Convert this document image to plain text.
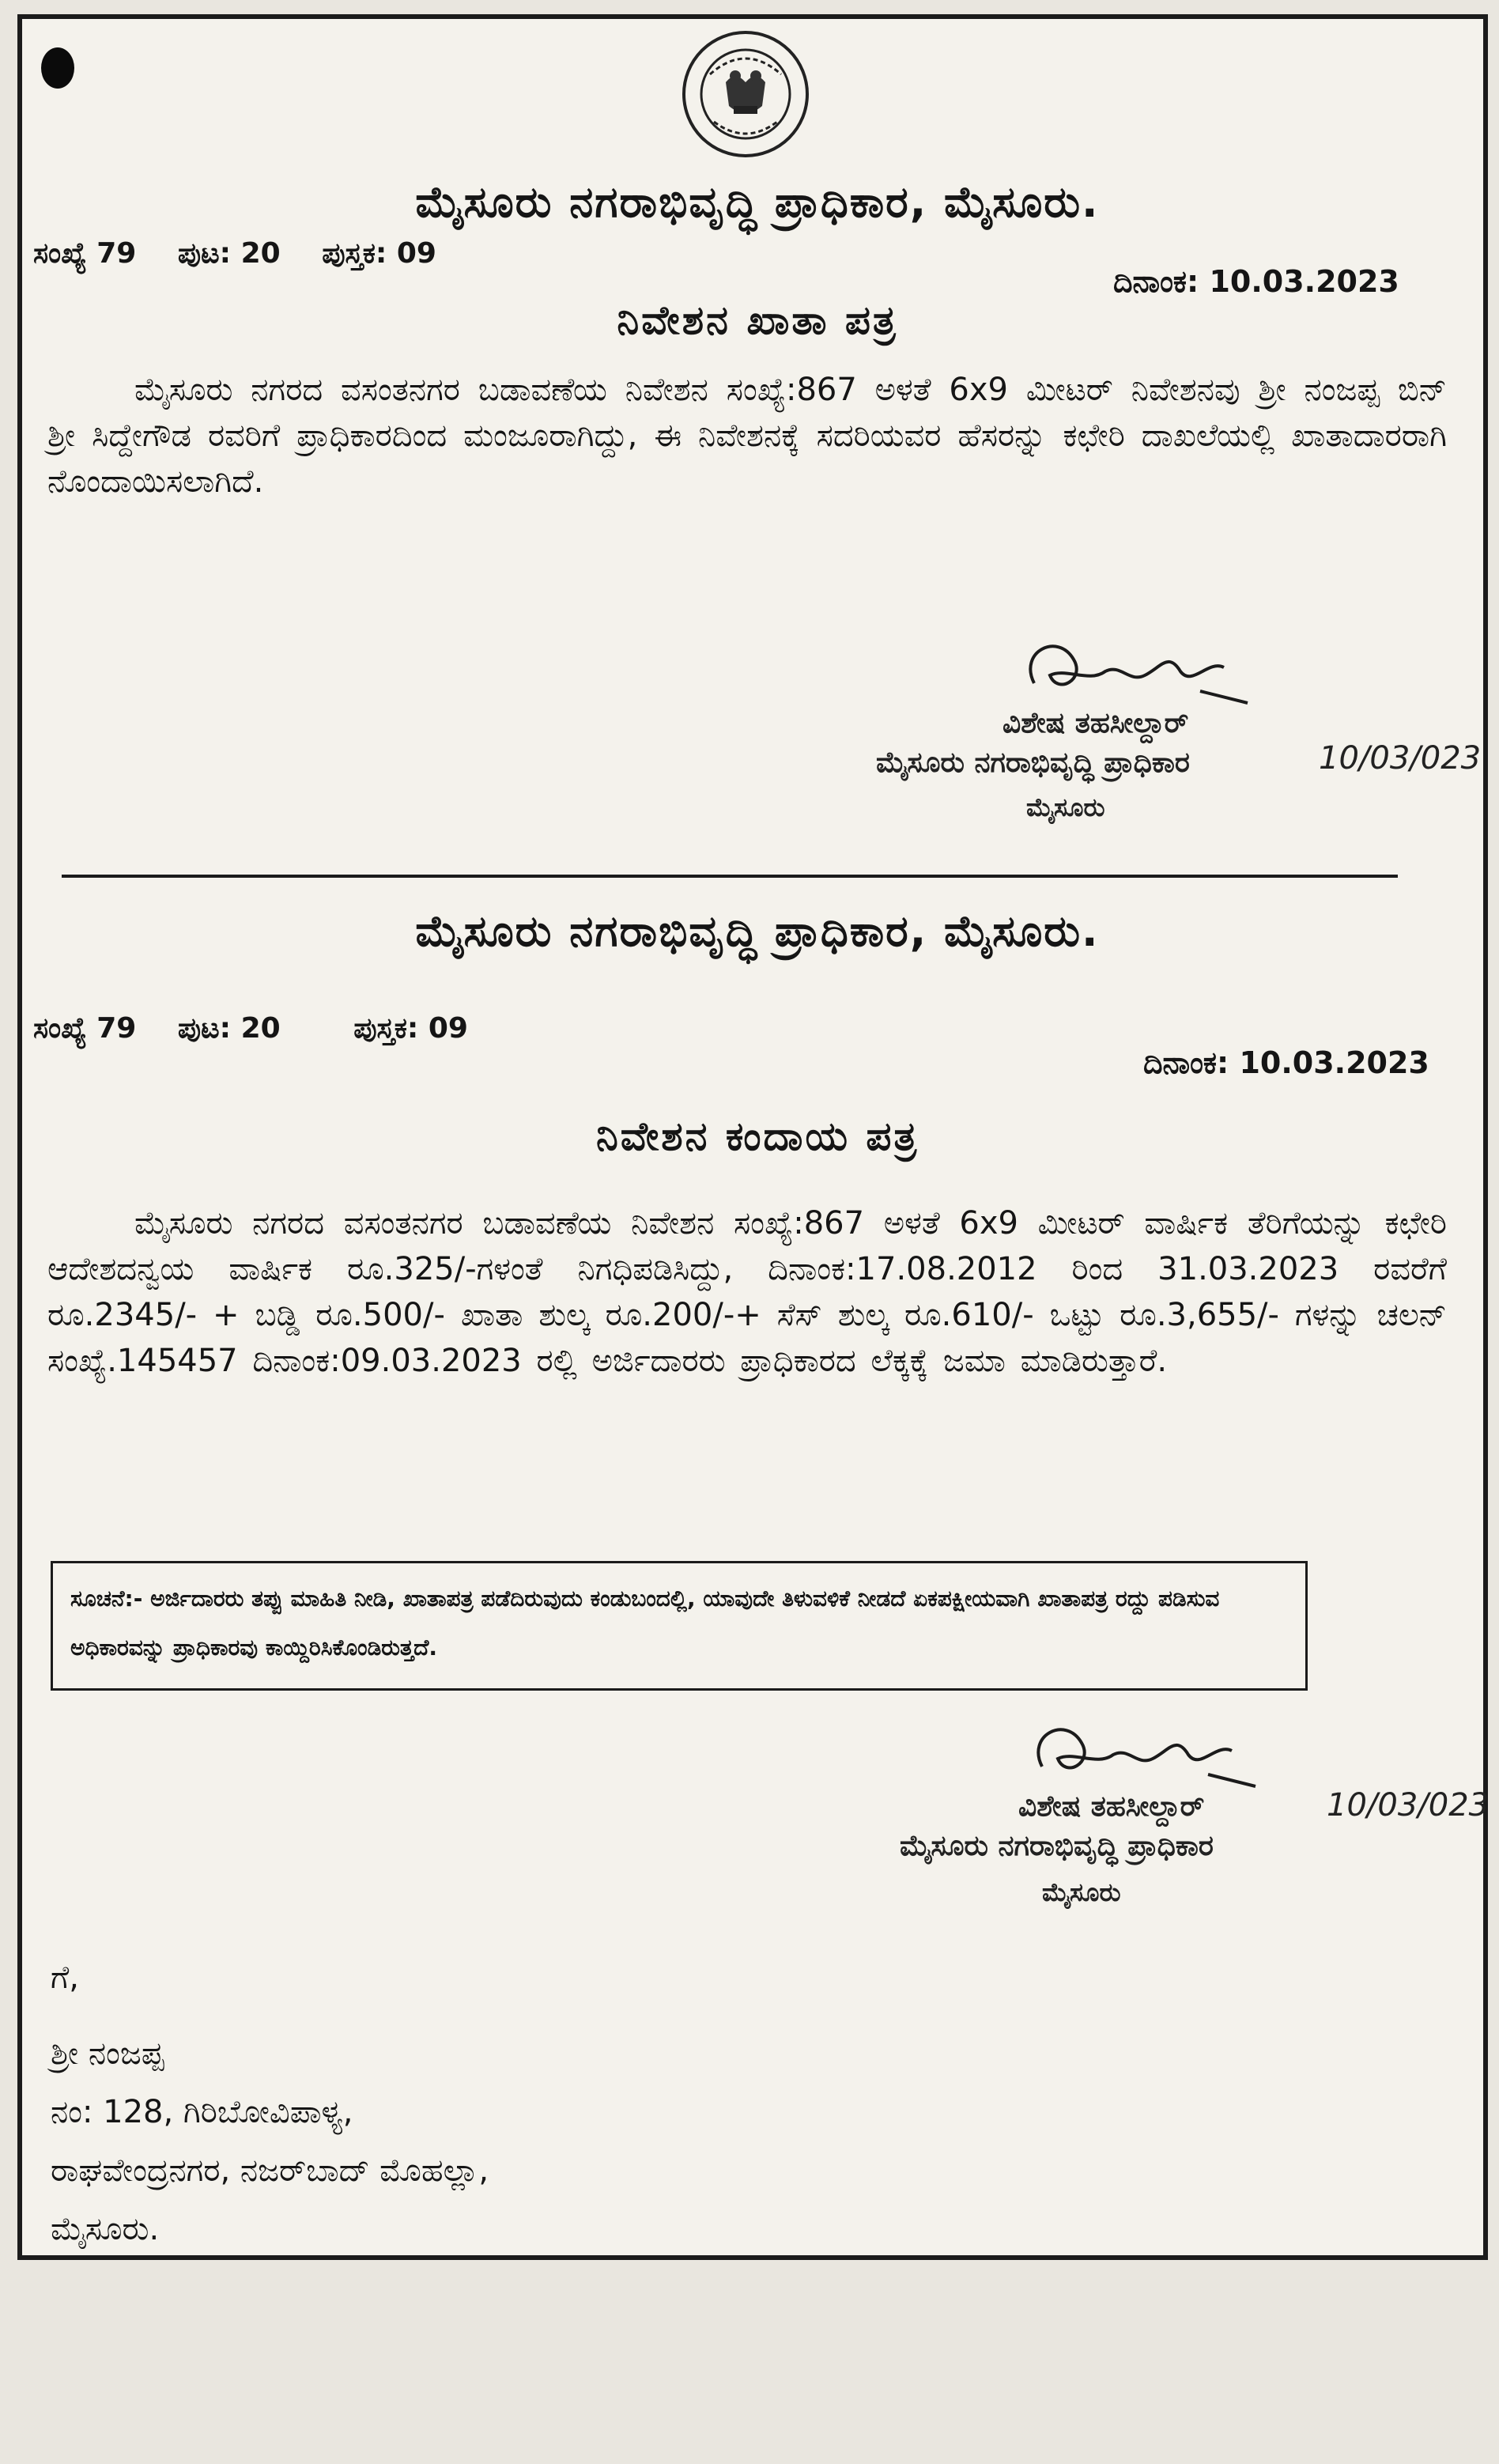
ಮೈಸೂರು ನಗರಾಭಿವೃದ್ಧಿ ಪ್ರಾಧಿಕಾರ, ಮೈಸೂರು.
ಸಂಖ್ಯೆ 79 ಪುಟ: 20 ಪುಸ್ತಕ: 09
ದಿನಾಂಕ: 10.03.2023
ನಿವೇಶನ ಖಾತಾ ಪತ್ರ
ಮೈಸೂರು ನಗರದ ವಸಂತನಗರ ಬಡಾವಣೆಯ ನಿವೇಶನ ಸಂಖ್ಯೆ:867 ಅಳತೆ 6x9 ಮೀಟರ್ ನಿವೇಶನವು ಶ್ರೀ ನಂಜಪ್ಪ ಬಿನ್ ಶ್ರೀ ಸಿದ್ದೇಗೌಡ ರವರಿಗೆ ಪ್ರಾಧಿಕಾರದಿಂದ ಮಂಜೂರಾಗಿದ್ದು, ಈ ನಿವೇಶನಕ್ಕೆ ಸದರಿಯವರ ಹೆಸರನ್ನು ಕಛೇರಿ ದಾಖಲೆಯಲ್ಲಿ ಖಾತಾದಾರರಾಗಿ ನೊಂದಾಯಿಸಲಾಗಿದೆ.
ವಿಶೇಷ ತಹಸೀಲ್ದಾರ್
ಮೈಸೂರು ನಗರಾಭಿವೃದ್ಧಿ ಪ್ರಾಧಿಕಾರ	10/03/023
ಮೈಸೂರು
ಮೈಸೂರು ನಗರಾಭಿವೃದ್ಧಿ ಪ್ರಾಧಿಕಾರ, ಮೈಸೂರು.
ಸಂಖ್ಯೆ 79 ಪುಟ: 20	ಪುಸ್ತಕ: 09
ದಿನಾಂಕ: 10.03.2023
ನಿವೇಶನ ಕಂದಾಯ ಪತ್ರ
ಮೈಸೂರು ನಗರದ ವಸಂತನಗರ ಬಡಾವಣೆಯ ನಿವೇಶನ ಸಂಖ್ಯೆ:867 ಅಳತೆ 6x9 ಮೀಟರ್ ವಾರ್ಷಿಕ ತೆರಿಗೆಯನ್ನು ಕಛೇರಿ ಆದೇಶದನ್ವಯ ವಾರ್ಷಿಕ ರೂ.325/-ಗಳಂತೆ ನಿಗಧಿಪಡಿಸಿದ್ದು, ದಿನಾಂಕ:17.08.2012 ರಿಂದ 31.03.2023 ರವರೆಗೆ ರೂ.2345/- + ಬಡ್ಡಿ ರೂ.500/- ಖಾತಾ ಶುಲ್ಕ ರೂ.200/-+ ಸೆಸ್ ಶುಲ್ಕ ರೂ.610/- ಒಟ್ಟು ರೂ.3,655/- ಗಳನ್ನು ಚಲನ್ ಸಂಖ್ಯೆ.145457 ದಿನಾಂಕ:09.03.2023 ರಲ್ಲಿ ಅರ್ಜಿದಾರರು ಪ್ರಾಧಿಕಾರದ ಲೆಕ್ಕಕ್ಕೆ ಜಮಾ ಮಾಡಿರುತ್ತಾರೆ.
ಸೂಚನೆ:- ಅರ್ಜಿದಾರರು ತಪ್ಪು ಮಾಹಿತಿ ನೀಡಿ, ಖಾತಾಪತ್ರ ಪಡೆದಿರುವುದು ಕಂಡುಬಂದಲ್ಲಿ, ಯಾವುದೇ ತಿಳುವಳಿಕೆ ನೀಡದೆ ಏಕಪಕ್ಷೀಯವಾಗಿ ಖಾತಾಪತ್ರ ರದ್ದು ಪಡಿಸುವ ಅಧಿಕಾರವನ್ನು ಪ್ರಾಧಿಕಾರವು ಕಾಯ್ದಿರಿಸಿಕೊಂಡಿರುತ್ತದೆ.
ವಿಶೇಷ ತಹಸೀಲ್ದಾರ್
ಮೈಸೂರು ನಗರಾಭಿವೃದ್ಧಿ ಪ್ರಾಧಿಕಾರ
10/03/023
ಮೈಸೂರು
ಗೆ,
ಶ್ರೀ ನಂಜಪ್ಪ
ನಂ: 128, ಗಿರಿಬೋವಿಪಾಳ್ಯ,
ರಾಘವೇಂದ್ರನಗರ, ನಜರ್‌ಬಾದ್ ಮೊಹಲ್ಲಾ,
ಮೈಸೂರು.
